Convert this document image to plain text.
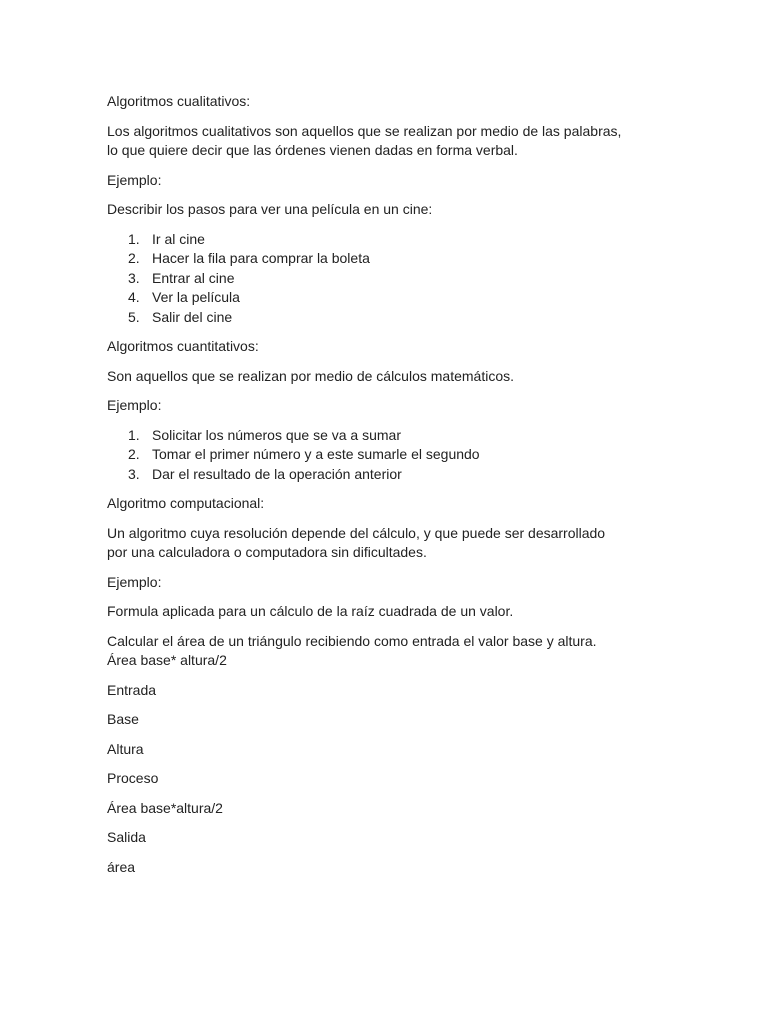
Algoritmos cualitativos:
Los algoritmos cualitativos son aquellos que se realizan por medio de las palabras,
lo que quiere decir que las órdenes vienen dadas en forma verbal.
Ejemplo:
Describir los pasos para ver una película en un cine:
1. Ir al cine
2. Hacer la fila para comprar la boleta
3. Entrar al cine
4. Ver la película
5. Salir del cine
Algoritmos cuantitativos:
Son aquellos que se realizan por medio de cálculos matemáticos.
Ejemplo:
1. Solicitar los números que se va a sumar
2. Tomar el primer número y a este sumarle el segundo
3. Dar el resultado de la operación anterior
Algoritmo computacional:
Un algoritmo cuya resolución depende del cálculo, y que puede ser desarrollado
por una calculadora o computadora sin dificultades.
Ejemplo:
Formula aplicada para un cálculo de la raíz cuadrada de un valor.
Calcular el área de un triángulo recibiendo como entrada el valor base y altura.
Área base* altura/2
Entrada
Base
Altura
Proceso
Área base*altura/2
Salida
área
